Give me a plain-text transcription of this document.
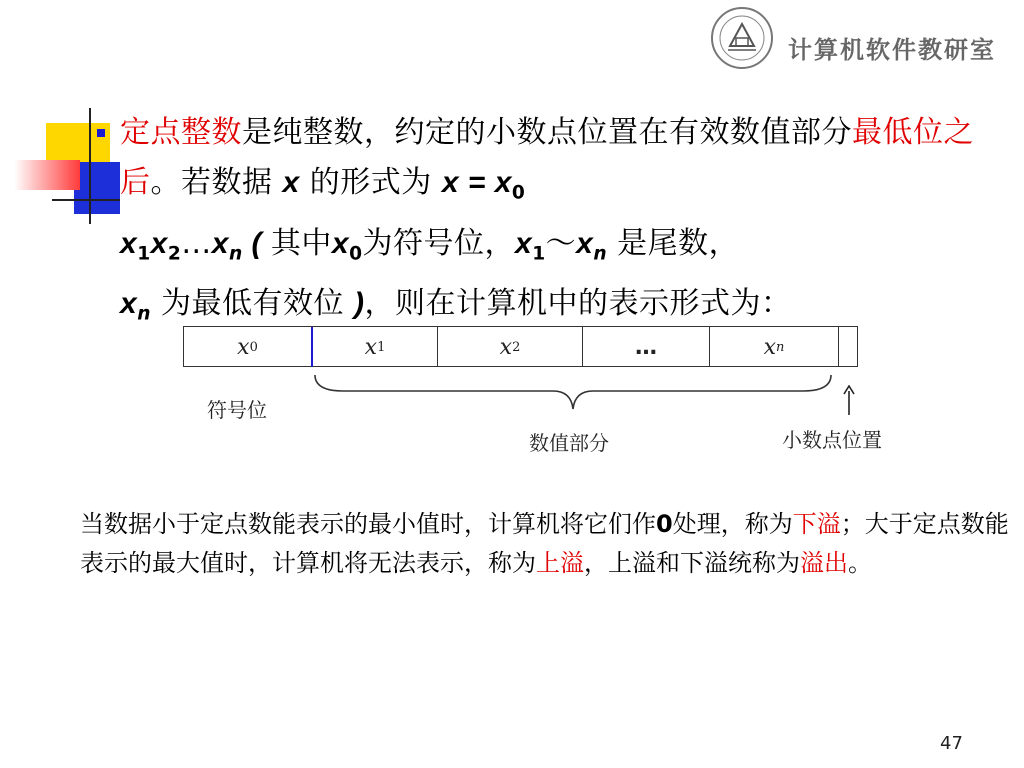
计算机软件教研室
定点整数是纯整数，约定的小数点位置在有效数值部分最低位之后。若数据 x 的形式为 $x = x_0$
$x_1x_2\dots x_n$ ( 其中$x_0$为符号位，$x_1\sim x_n$ 是尾数，
$x_n$ 为最低有效位 )，则在计算机中的表示形式为：
x 0	x 1	x 2	…	x n
符号位
数值部分	小数点位置
当数据小于定点数能表示的最小值时，计算机将它们作0处理，称为下溢；大于定点数能表示的最大值时，计算机将无法表示，称为上溢，上溢和下溢统称为溢出。
47
